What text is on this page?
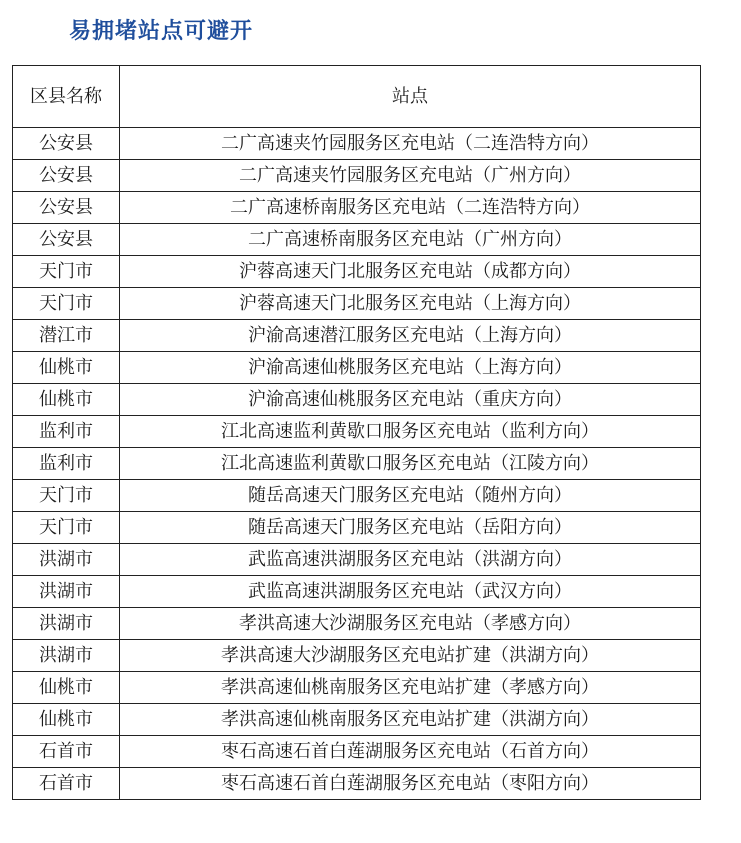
易拥堵站点可避开
区县名称	站点
公安县	二广高速夹竹园服务区充电站（二连浩特方向）
公安县	二广高速夹竹园服务区充电站（广州方向）
公安县	二广高速桥南服务区充电站（二连浩特方向）
公安县	二广高速桥南服务区充电站（广州方向）
天门市	沪蓉高速天门北服务区充电站（成都方向）
天门市	沪蓉高速天门北服务区充电站（上海方向）
潜江市	沪渝高速潜江服务区充电站（上海方向）
仙桃市	沪渝高速仙桃服务区充电站（上海方向）
仙桃市	沪渝高速仙桃服务区充电站（重庆方向）
监利市	江北高速监利黄歇口服务区充电站（监利方向）
监利市	江北高速监利黄歇口服务区充电站（江陵方向）
天门市	随岳高速天门服务区充电站（随州方向）
天门市	随岳高速天门服务区充电站（岳阳方向）
洪湖市	武监高速洪湖服务区充电站（洪湖方向）
洪湖市	武监高速洪湖服务区充电站（武汉方向）
洪湖市	孝洪高速大沙湖服务区充电站（孝感方向）
洪湖市	孝洪高速大沙湖服务区充电站扩建（洪湖方向）
仙桃市	孝洪高速仙桃南服务区充电站扩建（孝感方向）
仙桃市	孝洪高速仙桃南服务区充电站扩建（洪湖方向）
石首市	枣石高速石首白莲湖服务区充电站（石首方向）
石首市	枣石高速石首白莲湖服务区充电站（枣阳方向）
